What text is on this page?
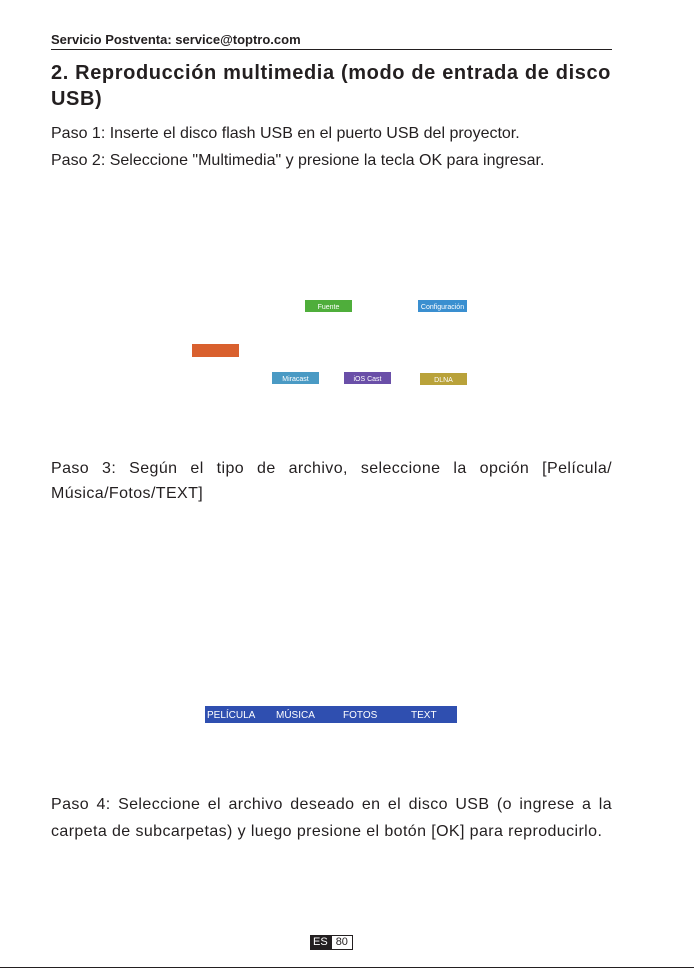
Servicio Postventa: service@toptro.com
2. Reproducción multimedia (modo de entrada de disco USB)

Paso 1: Inserte el disco flash USB en el puerto USB del proyector.

Paso 2: Seleccione "Multimedia" y presione la tecla OK para ingresar.

Fuente	Configuración
Miracast	iOS Cast	DLNA

Paso 3: Según el tipo de archivo, seleccione la opción [Película/ Música/Fotos/TEXT]

PELÍCULA MÚSICA	FOTOS	TEXT

Paso 4: Seleccione el archivo deseado en el disco USB (o ingrese a la carpeta de subcarpetas) y luego presione el botón [OK] para reproducirlo.

ES 80
